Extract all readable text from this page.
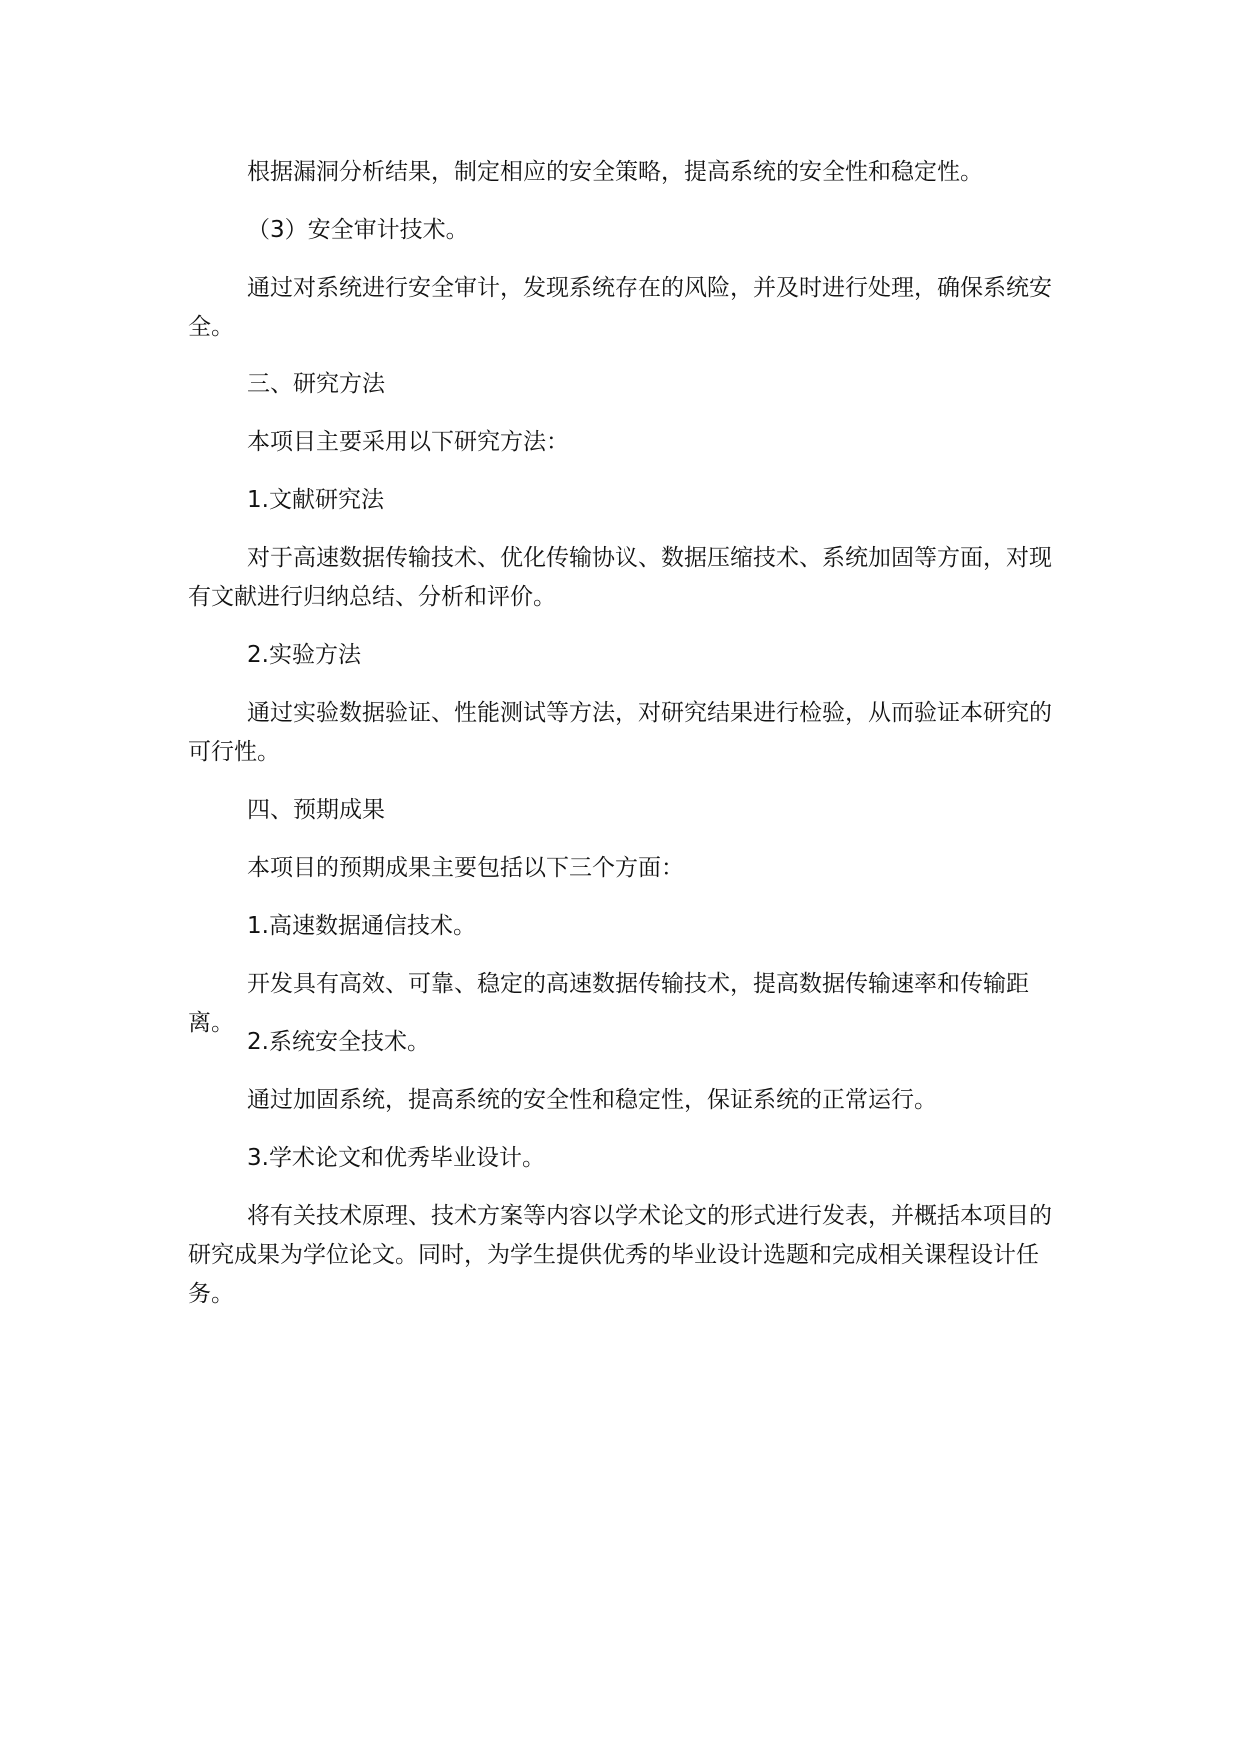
根据漏洞分析结果，制定相应的安全策略，提高系统的安全性和稳定性。

（3）安全审计技术。

通过对系统进行安全审计，发现系统存在的风险，并及时进行处理，确保系统安全。

三、研究方法

本项目主要采用以下研究方法：

1.文献研究法

对于高速数据传输技术、优化传输协议、数据压缩技术、系统加固等方面，对现有文献进行归纳总结、分析和评价。

2.实验方法

通过实验数据验证、性能测试等方法，对研究结果进行检验，从而验证本研究的可行性。

四、预期成果

本项目的预期成果主要包括以下三个方面：

1.高速数据通信技术。

开发具有高效、可靠、稳定的高速数据传输技术，提高数据传输速率和传输距离。

2.系统安全技术。

通过加固系统，提高系统的安全性和稳定性，保证系统的正常运行。

3.学术论文和优秀毕业设计。

将有关技术原理、技术方案等内容以学术论文的形式进行发表，并概括本项目的研究成果为学位论文。同时，为学生提供优秀的毕业设计选题和完成相关课程设计任务。
